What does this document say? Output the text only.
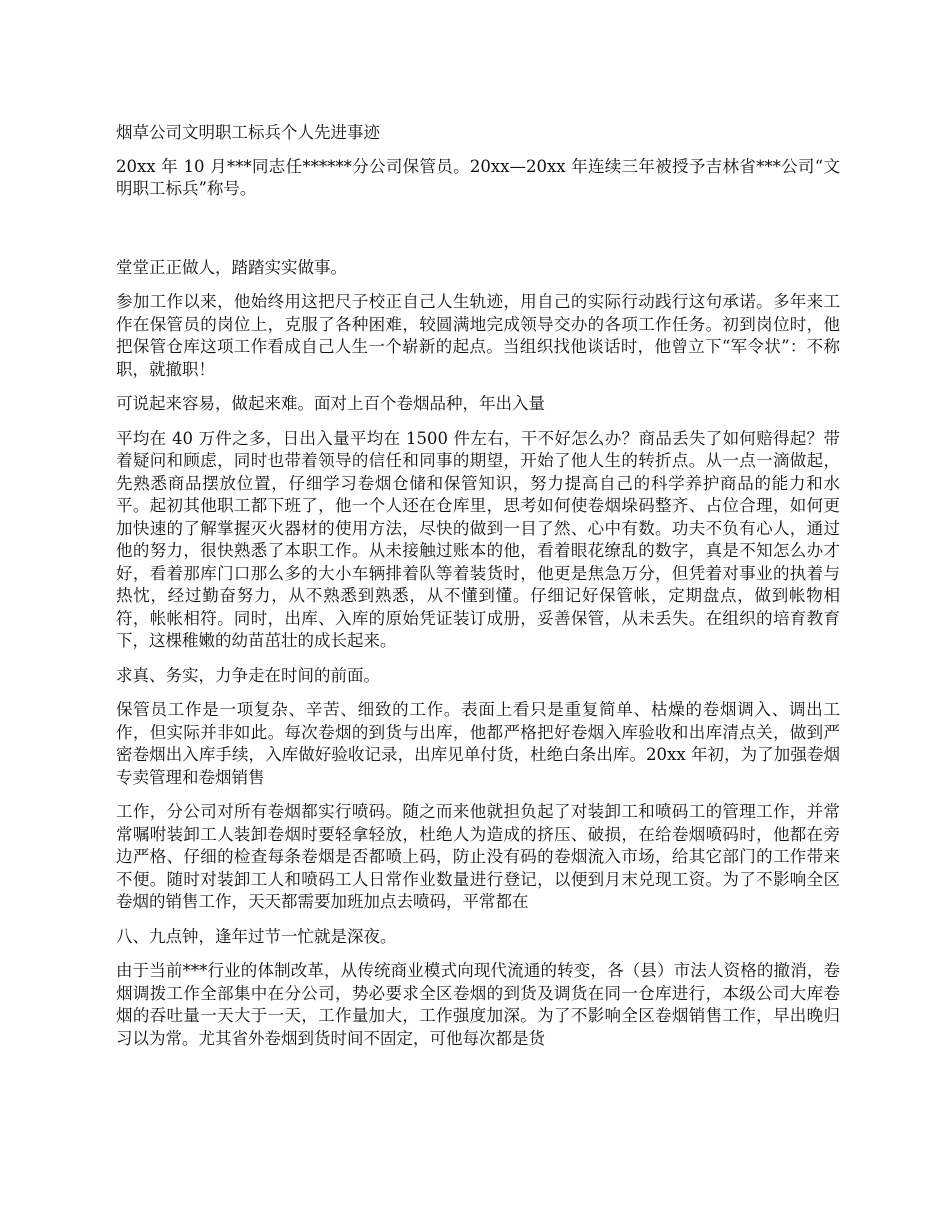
烟草公司文明职工标兵个人先进事迹

20xx 年 10 月***同志任******分公司保管员。20xx—20xx 年连续三年被授予吉林省***公司“文明职工标兵”称号。

堂堂正正做人，踏踏实实做事。

参加工作以来，他始终用这把尺子校正自己人生轨迹，用自己的实际行动践行这句承诺。多年来工作在保管员的岗位上，克服了各种困难，较圆满地完成领导交办的各项工作任务。初到岗位时，他把保管仓库这项工作看成自己人生一个崭新的起点。当组织找他谈话时，他曾立下“军令状”：不称职，就撤职！

可说起来容易，做起来难。面对上百个卷烟品种，年出入量

平均在 40 万件之多，日出入量平均在 1500 件左右，干不好怎么办？商品丢失了如何赔得起？带着疑问和顾虑，同时也带着领导的信任和同事的期望，开始了他人生的转折点。从一点一滴做起，先熟悉商品摆放位置，仔细学习卷烟仓储和保管知识，努力提高自己的科学养护商品的能力和水平。起初其他职工都下班了，他一个人还在仓库里，思考如何使卷烟垛码整齐、占位合理，如何更加快速的了解掌握灭火器材的使用方法，尽快的做到一目了然、心中有数。功夫不负有心人，通过他的努力，很快熟悉了本职工作。从未接触过账本的他，看着眼花缭乱的数字，真是不知怎么办才好，看着那库门口那么多的大小车辆排着队等着装货时，他更是焦急万分，但凭着对事业的执着与热忱，经过勤奋努力，从不熟悉到熟悉，从不懂到懂。仔细记好保管帐，定期盘点，做到帐物相符，帐帐相符。同时，出库、入库的原始凭证装订成册，妥善保管，从未丢失。在组织的培育教育下，这棵稚嫩的幼苗茁壮的成长起来。

求真、务实，力争走在时间的前面。

保管员工作是一项复杂、辛苦、细致的工作。表面上看只是重复简单、枯燥的卷烟调入、调出工作，但实际并非如此。每次卷烟的到货与出库，他都严格把好卷烟入库验收和出库清点关，做到严密卷烟出入库手续，入库做好验收记录，出库见单付货，杜绝白条出库。20xx 年初，为了加强卷烟专卖管理和卷烟销售

工作，分公司对所有卷烟都实行喷码。随之而来他就担负起了对装卸工和喷码工的管理工作，并常常嘱咐装卸工人装卸卷烟时要轻拿轻放，杜绝人为造成的挤压、破损，在给卷烟喷码时，他都在旁边严格、仔细的检查每条卷烟是否都喷上码，防止没有码的卷烟流入市场，给其它部门的工作带来不便。随时对装卸工人和喷码工人日常作业数量进行登记，以便到月末兑现工资。为了不影响全区卷烟的销售工作，天天都需要加班加点去喷码，平常都在

八、九点钟，逢年过节一忙就是深夜。

由于当前***行业的体制改革，从传统商业模式向现代流通的转变，各（县）市法人资格的撤消，卷烟调拨工作全部集中在分公司，势必要求全区卷烟的到货及调货在同一仓库进行，本级公司大库卷烟的吞吐量一天大于一天，工作量加大，工作强度加深。为了不影响全区卷烟销售工作，早出晚归习以为常。尤其省外卷烟到货时间不固定，可他每次都是货
